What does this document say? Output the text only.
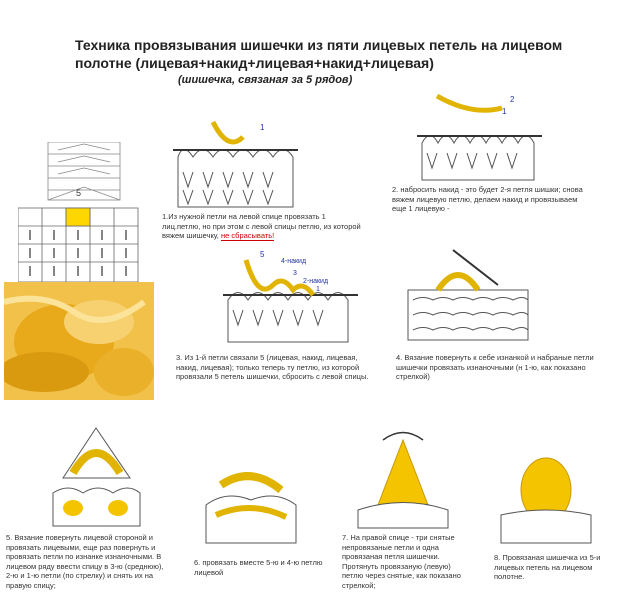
Техника провязывания шишечки из пяти лицевых петель на лицевом
полотне (лицевая+накид+лицевая+накид+лицевая)
(шишечка, связаная за 5 рядов)
5
1
1.Из нужной петли на левой спице провязать 1 лиц.петлю, но при этом с левой спицы петлю, из которой вяжем шишечку, не сбрасывать!
2
1
2. набросить накид - это будет 2-я петля шишки; снова вяжем лицевую петлю, делаем накид и провязываем еще 1 лицевую -
5
4-накид
3
2-накид
1
3. Из 1-й петли связали 5 (лицевая, накид, лицевая, накид, лицевая); только теперь ту петлю, из которой провязали 5 петель шишечки, сбросить с левой спицы.
4. Вязание повернуть к себе изнанкой и набраные петли шишечки провязать изнаночными (н 1-ю, как показано стрелкой)
5. Вязание повернуть лицевой стороной и провязать лицевыми, еще раз повернуть и провязать петли по изнанке изнаночными. В лицевом ряду ввести спицу в 3-ю (среднюю), 2-ю и 1-ю петли (по стрелку) и снять их на правую спицу;
6. провязать вместе 5-ю и 4-ю петлю лицевой
7. На правой спице - три снятые непровязаные петли и одна провязаная петля шишечки. Протянуть провязаную (левую) петлю через снятые, как показано стрелкой;
8. Провязаная шишечка из 5-и лицевых петель на лицевом полотне.
